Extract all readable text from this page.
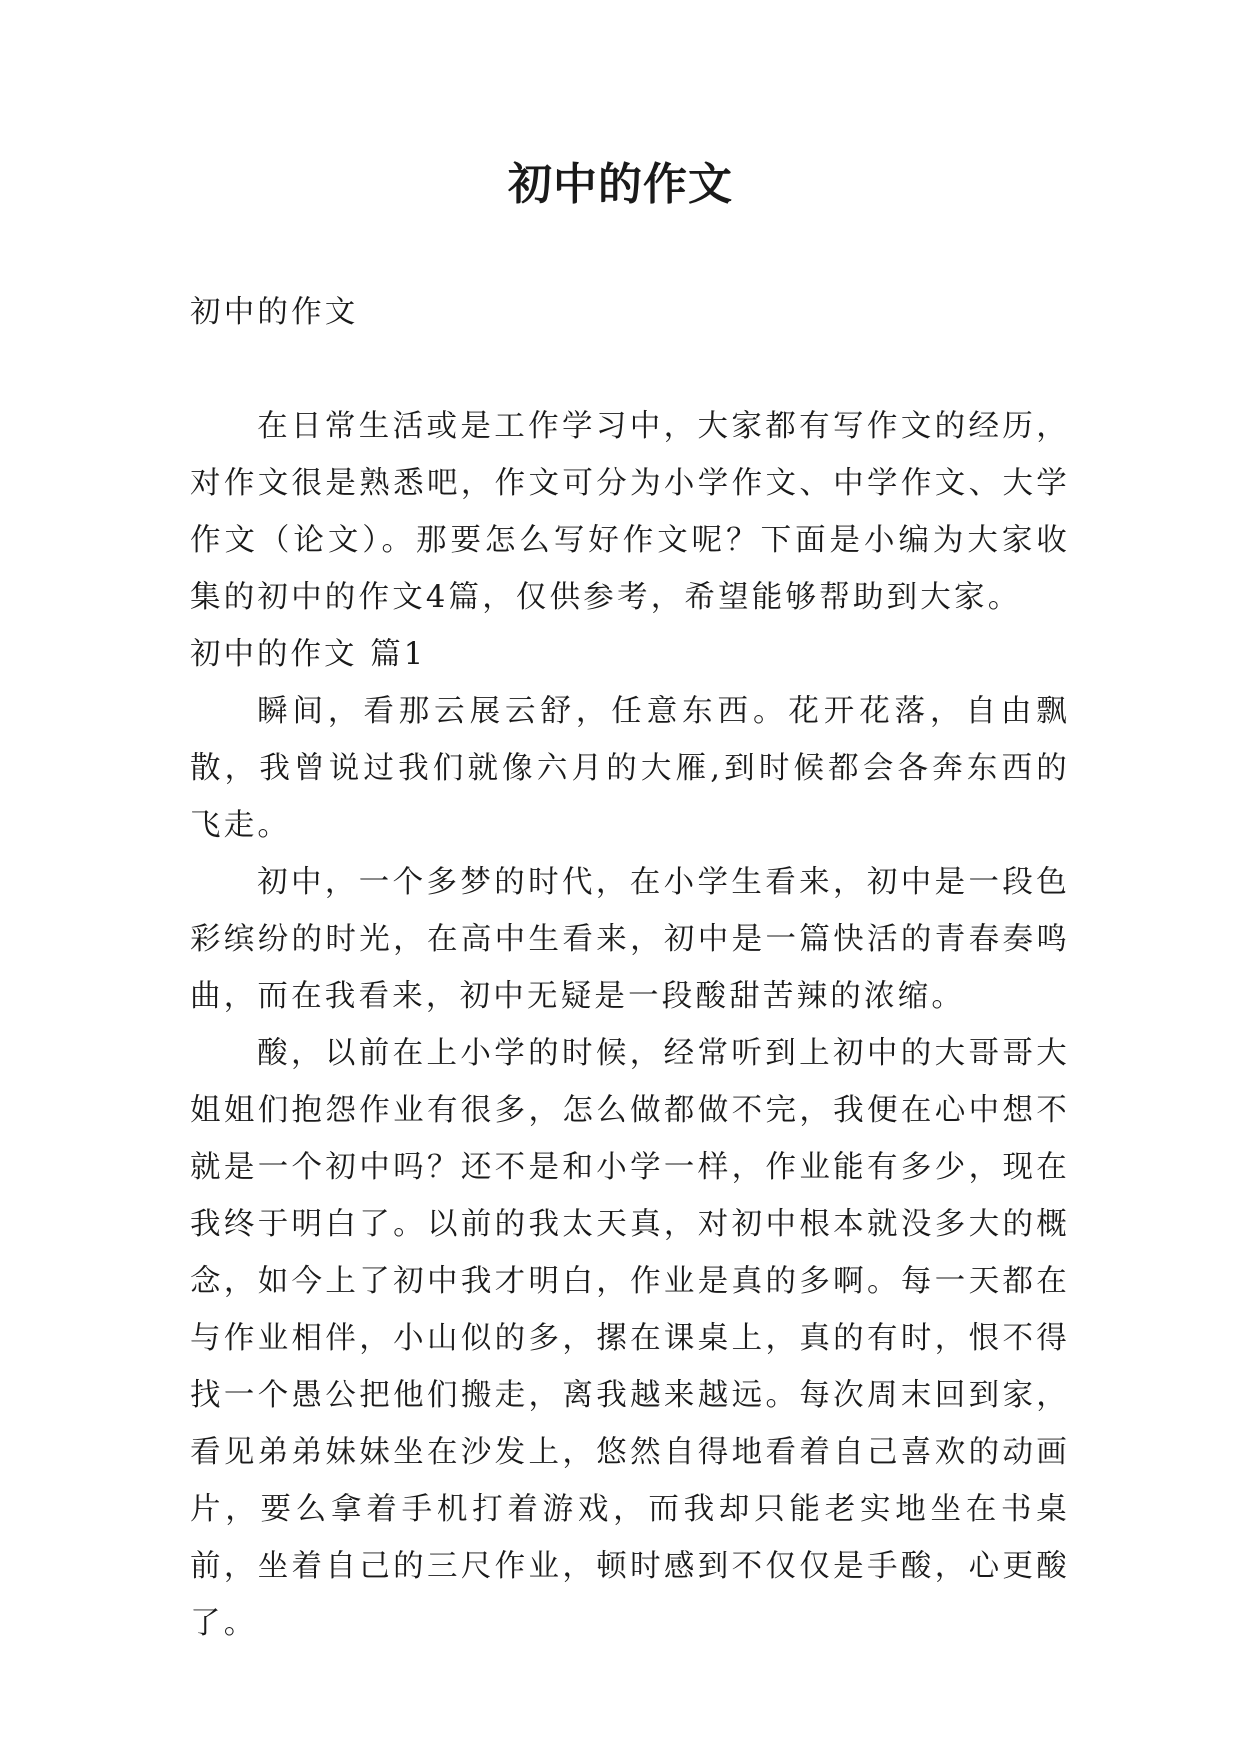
初中的作文

初中的作文

在日常生活或是工作学习中，大家都有写作文的经历，对作文很是熟悉吧，作文可分为小学作文、中学作文、大学作文（论文）。那要怎么写好作文呢？下面是小编为大家收集的初中的作文4篇，仅供参考，希望能够帮助到大家。

初中的作文 篇1

瞬间，看那云展云舒，任意东西。花开花落，自由飘散，我曾说过我们就像六月的大雁,到时候都会各奔东西的飞走。

初中，一个多梦的时代，在小学生看来，初中是一段色彩缤纷的时光，在高中生看来，初中是一篇快活的青春奏鸣曲，而在我看来，初中无疑是一段酸甜苦辣的浓缩。

酸，以前在上小学的时候，经常听到上初中的大哥哥大姐姐们抱怨作业有很多，怎么做都做不完，我便在心中想不就是一个初中吗？还不是和小学一样，作业能有多少，现在我终于明白了。以前的我太天真，对初中根本就没多大的概念，如今上了初中我才明白，作业是真的多啊。每一天都在与作业相伴，小山似的多，摞在课桌上，真的有时，恨不得找一个愚公把他们搬走，离我越来越远。每次周末回到家，看见弟弟妹妹坐在沙发上，悠然自得地看着自己喜欢的动画片，要么拿着手机打着游戏，而我却只能老实地坐在书桌前，坐着自己的三尺作业，顿时感到不仅仅是手酸，心更酸了。
